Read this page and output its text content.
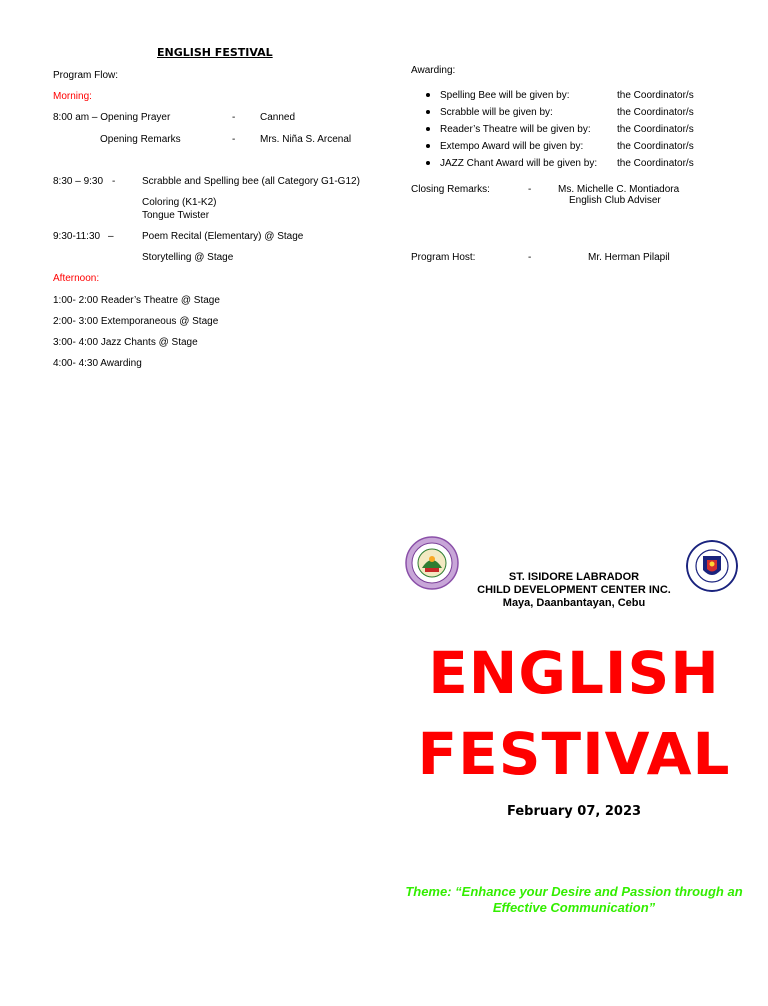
ENGLISH FESTIVAL
Program Flow:
Morning:
8:00 am – Opening Prayer	- Canned
Opening Remarks	- Mrs. Niña S. Arcenal
8:30 – 9:30 -	Scrabble and Spelling bee (all Category G1-G12)
Coloring (K1-K2)
Tongue Twister
9:30-11:30 –	Poem Recital (Elementary) @ Stage
Storytelling @ Stage
Afternoon:
1:00- 2:00 Reader’s Theatre @ Stage
2:00- 3:00 Extemporaneous @ Stage
3:00- 4:00 Jazz Chants @ Stage
4:00- 4:30 Awarding
Awarding:
Spelling Bee will be given by:	the Coordinator/s
Scrabble will be given by:	the Coordinator/s
Reader’s Theatre will be given by:	the Coordinator/s
Extempo Award will be given by:	the Coordinator/s
JAZZ Chant Award will be given by: the Coordinator/s
Closing Remarks:	-	Ms. Michelle C. Montiadora
English Club Adviser
Program Host:	-	Mr. Herman Pilapil
ST. ISIDORE LABRADOR
CHILD DEVELOPMENT CENTER INC.
Maya, Daanbantayan, Cebu
ENGLISH
FESTIVAL
February 07, 2023
Theme: “Enhance your Desire and Passion through an Effective Communication”
